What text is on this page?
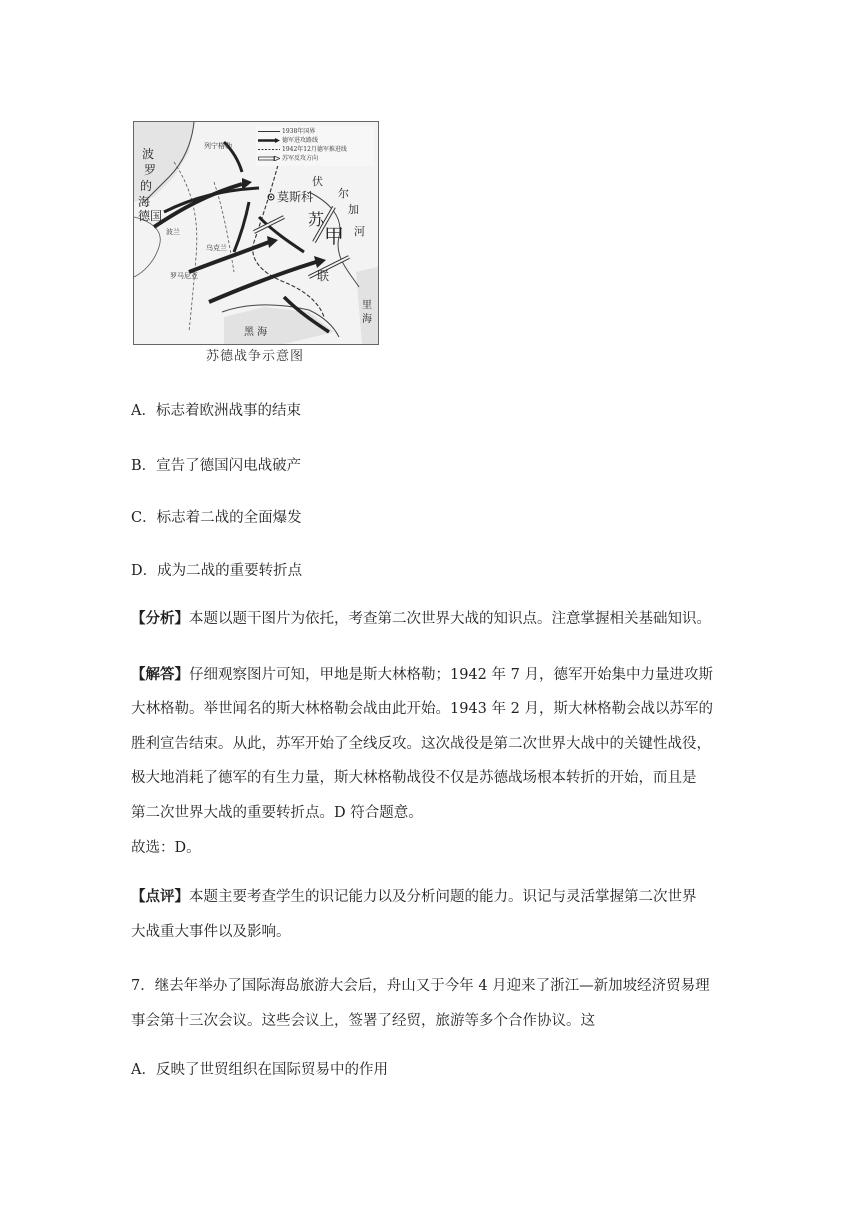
波
罗
的
海
德国
波兰
乌克兰
罗马尼亚
列宁格勒
莫斯科
伏
尔
加
河
苏
甲
联
黑 海
里
海
1938年国界
德军进攻路线
1942年12月德军推进线
苏军反攻方向
苏德战争示意图
A．标志着欧洲战事的结束
B．宣告了德国闪电战破产
C．标志着二战的全面爆发
D．成为二战的重要转折点
【分析】本题以题干图片为依托，考查第二次世界大战的知识点。注意掌握相关基础知识。
【解答】仔细观察图片可知，甲地是斯大林格勒；1942 年 7 月，德军开始集中力量进攻斯
大林格勒。举世闻名的斯大林格勒会战由此开始。1943 年 2 月，斯大林格勒会战以苏军的
胜利宣告结束。从此，苏军开始了全线反攻。这次战役是第二次世界大战中的关键性战役，
极大地消耗了德军的有生力量，斯大林格勒战役不仅是苏德战场根本转折的开始，而且是
第二次世界大战的重要转折点。D 符合题意。
故选：D。
【点评】本题主要考查学生的识记能力以及分析问题的能力。识记与灵活掌握第二次世界
大战重大事件以及影响。
7．继去年举办了国际海岛旅游大会后，舟山又于今年 4 月迎来了浙江—新加坡经济贸易理
事会第十三次会议。这些会议上，签署了经贸，旅游等多个合作协议。这
A．反映了世贸组织在国际贸易中的作用
